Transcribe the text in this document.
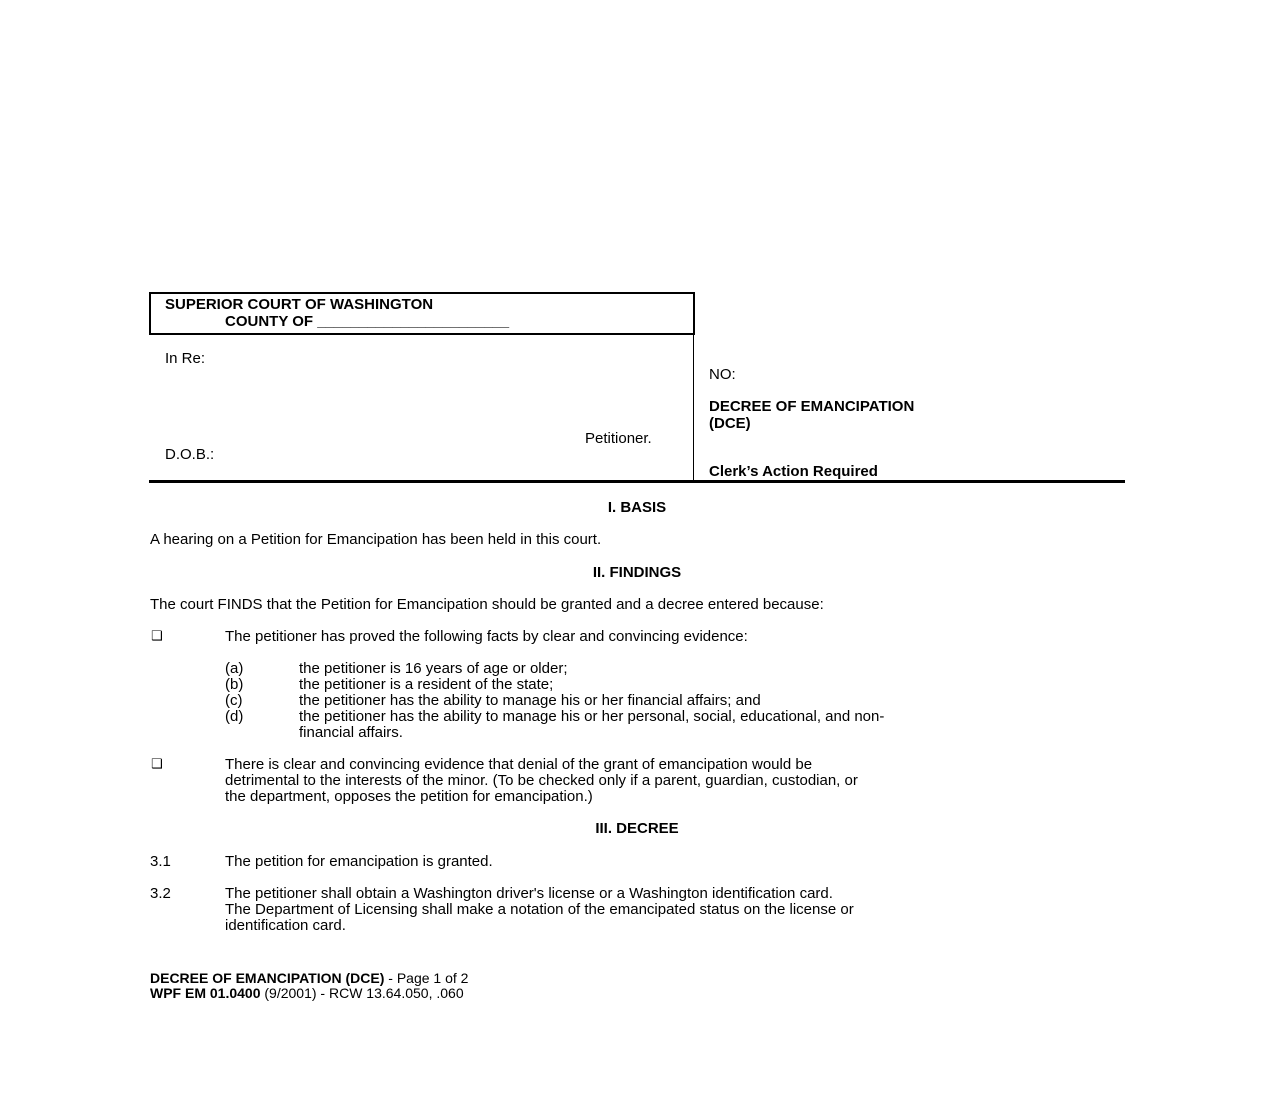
SUPERIOR COURT OF WASHINGTON
COUNTY OF _______________________
In Re:
Petitioner.
D.O.B.:
NO:
DECREE OF EMANCIPATION
(DCE)
Clerk’s Action Required
I. BASIS
A hearing on a Petition for Emancipation has been held in this court.
II. FINDINGS
The court FINDS that the Petition for Emancipation should be granted and a decree entered because:
❑	The petitioner has proved the following facts by clear and convincing evidence:
(a)	the petitioner is 16 years of age or older;
(b)	the petitioner is a resident of the state;
(c)	the petitioner has the ability to manage his or her financial affairs; and
(d)	the petitioner has the ability to manage his or her personal, social, educational, and non-
financial affairs.
❑	There is clear and convincing evidence that denial of the grant of emancipation would be
detrimental to the interests of the minor. (To be checked only if a parent, guardian, custodian, or
the department, opposes the petition for emancipation.)
III. DECREE
3.1	The petition for emancipation is granted.
3.2	The petitioner shall obtain a Washington driver's license or a Washington identification card.
The Department of Licensing shall make a notation of the emancipated status on the license or
identification card.
DECREE OF EMANCIPATION (DCE) - Page 1 of 2
WPF EM 01.0400 (9/2001) - RCW 13.64.050, .060
